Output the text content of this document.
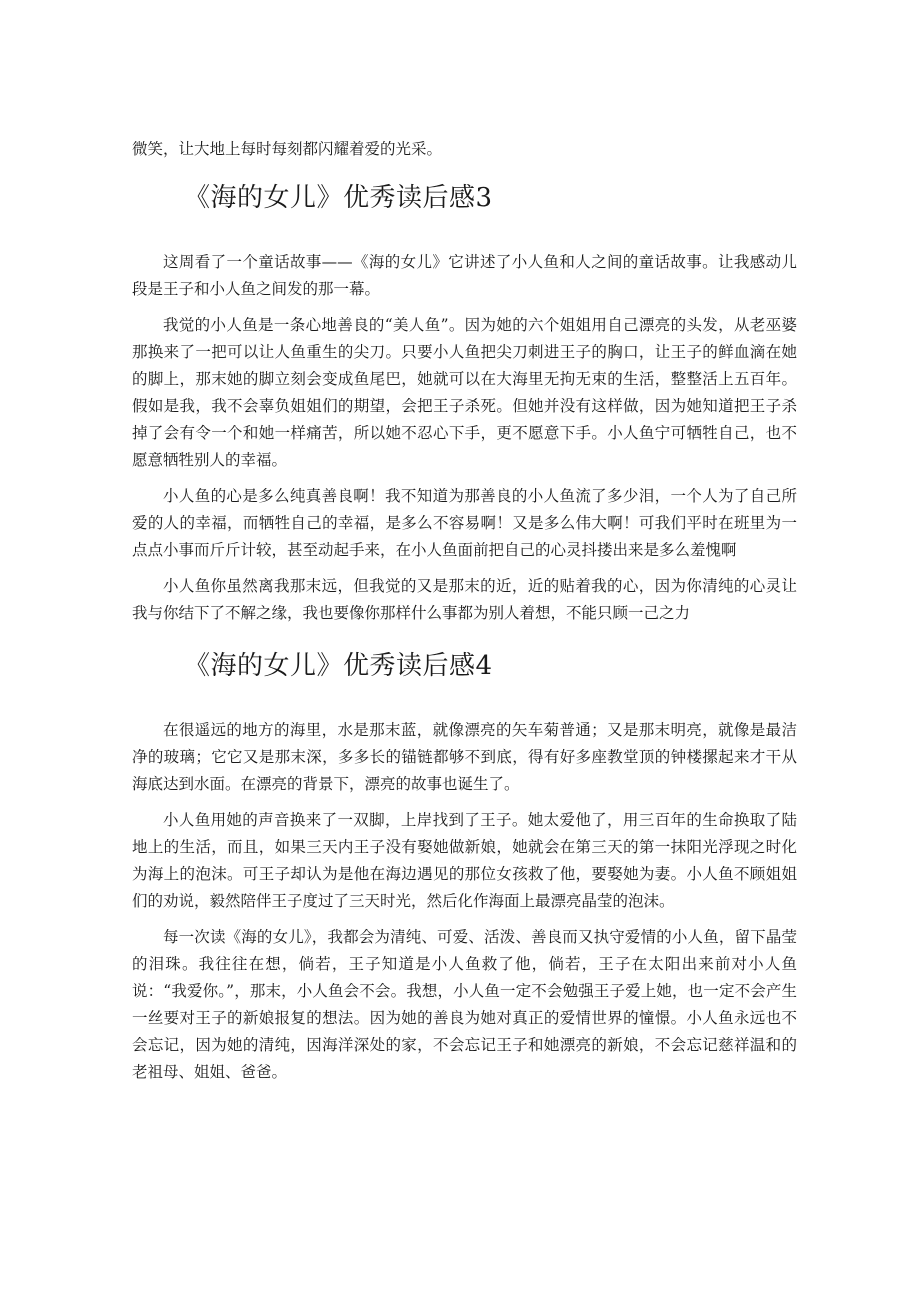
微笑，让大地上每时每刻都闪耀着爱的光采。

《海的女儿》优秀读后感3

这周看了一个童话故事——《海的女儿》它讲述了小人鱼和人之间的童话故事。让我感动儿段是王子和小人鱼之间发的那一幕。

我觉的小人鱼是一条心地善良的“美人鱼”。因为她的六个姐姐用自己漂亮的头发，从老巫婆那换来了一把可以让人鱼重生的尖刀。只要小人鱼把尖刀刺进王子的胸口，让王子的鲜血滴在她的脚上，那末她的脚立刻会变成鱼尾巴，她就可以在大海里无拘无束的生活，整整活上五百年。假如是我，我不会辜负姐姐们的期望，会把王子杀死。但她并没有这样做，因为她知道把王子杀掉了会有令一个和她一样痛苦，所以她不忍心下手，更不愿意下手。小人鱼宁可牺牲自己，也不愿意牺牲别人的幸福。

小人鱼的心是多么纯真善良啊！我不知道为那善良的小人鱼流了多少泪，一个人为了自己所爱的人的幸福，而牺牲自己的幸福，是多么不容易啊！又是多么伟大啊！可我们平时在班里为一点点小事而斤斤计较，甚至动起手来，在小人鱼面前把自己的心灵抖搂出来是多么羞愧啊

小人鱼你虽然离我那末远，但我觉的又是那末的近，近的贴着我的心，因为你清纯的心灵让我与你结下了不解之缘，我也要像你那样什么事都为别人着想，不能只顾一己之力

《海的女儿》优秀读后感4

在很遥远的地方的海里，水是那末蓝，就像漂亮的矢车菊普通；又是那末明亮，就像是最洁净的玻璃；它它又是那末深，多多长的锚链都够不到底，得有好多座教堂顶的钟楼摞起来才干从海底达到水面。在漂亮的背景下，漂亮的故事也诞生了。

小人鱼用她的声音换来了一双脚，上岸找到了王子。她太爱他了，用三百年的生命换取了陆地上的生活，而且，如果三天内王子没有娶她做新娘，她就会在第三天的第一抹阳光浮现之时化为海上的泡沫。可王子却认为是他在海边遇见的那位女孩救了他，要娶她为妻。小人鱼不顾姐姐们的劝说，毅然陪伴王子度过了三天时光，然后化作海面上最漂亮晶莹的泡沫。

每一次读《海的女儿》，我都会为清纯、可爱、活泼、善良而又执守爱情的小人鱼，留下晶莹的泪珠。我往往在想，倘若，王子知道是小人鱼救了他，倘若，王子在太阳出来前对小人鱼说：“我爱你。”，那末，小人鱼会不会。我想，小人鱼一定不会勉强王子爱上她，也一定不会产生一丝要对王子的新娘报复的想法。因为她的善良为她对真正的爱情世界的憧憬。小人鱼永远也不会忘记，因为她的清纯，因海洋深处的家，不会忘记王子和她漂亮的新娘，不会忘记慈祥温和的老祖母、姐姐、爸爸。
